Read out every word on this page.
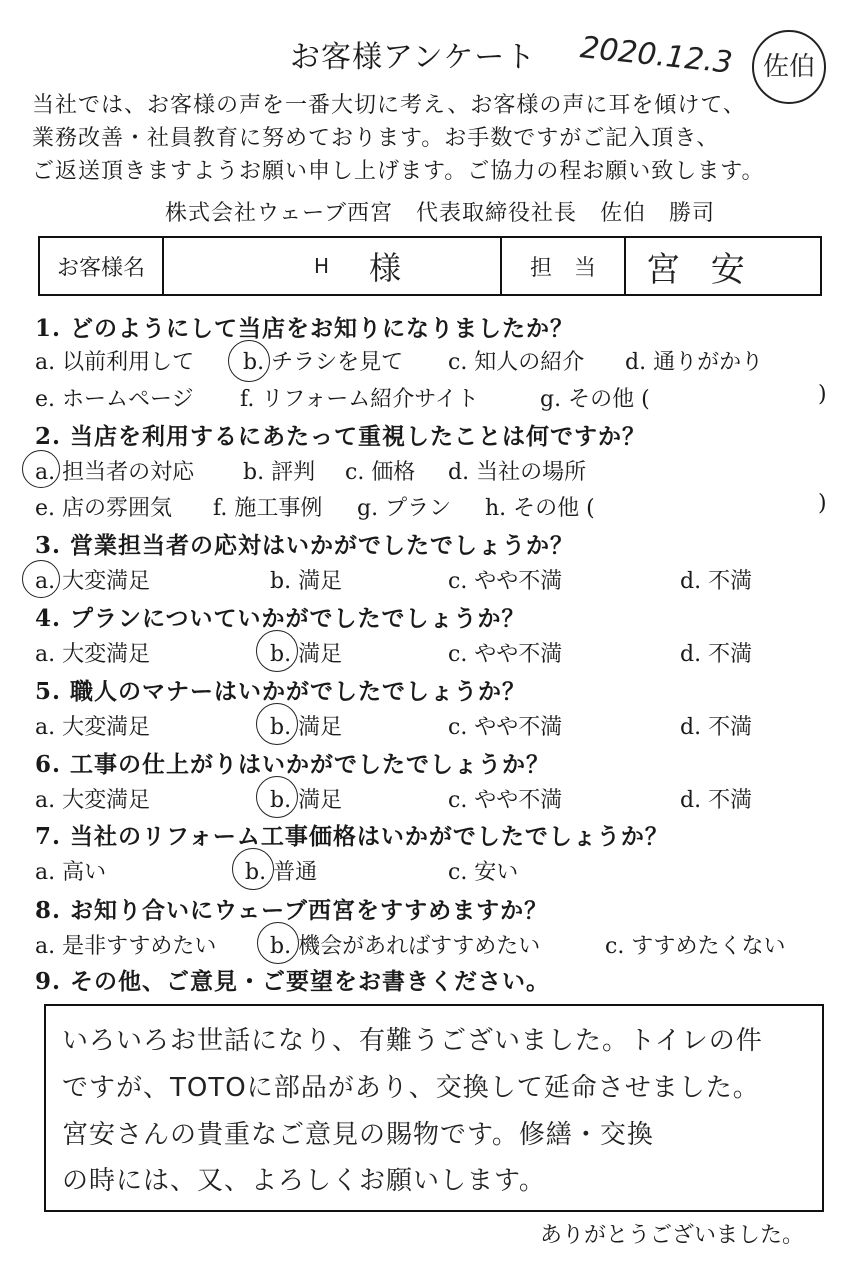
お客様アンケート 2020.12.3 佐伯
当社では、お客様の声を一番大切に考え、お客様の声に耳を傾けて、
業務改善・社員教育に努めております。お手数ですがご記入頂き、
ご返送頂きますようお願い申し上げます。ご協力の程お願い致します。
株式会社ウェーブ西宮　代表取締役社長　佐伯　勝司
お客様名	H 様	担　当 宮 安
1. どのようにして当店をお知りになりましたか？
a. 以前利用して b. チラシを見て c. 知人の紹介 d. 通りがかり
e. ホームページ f. リフォーム紹介サイト	g. その他 (	)
2. 当店を利用するにあたって重視したことは何ですか？
a. 担当者の対応 b. 評判 c. 価格 d. 当社の場所
e. 店の雰囲気 f. 施工事例 g. プラン h. その他 (	)
3. 営業担当者の応対はいかがでしたでしょうか？
a. 大変満足	b. 満足	c. やや不満	d. 不満
4. プランについていかがでしたでしょうか？
a. 大変満足	b. 満足	c. やや不満	d. 不満
5. 職人のマナーはいかがでしたでしょうか？
a. 大変満足	b. 満足	c. やや不満	d. 不満
6. 工事の仕上がりはいかがでしたでしょうか？
a. 大変満足	b. 満足	c. やや不満	d. 不満
7. 当社のリフォーム工事価格はいかがでしたでしょうか？
a. 高い	b. 普通	c. 安い
8. お知り合いにウェーブ西宮をすすめますか？
a. 是非すすめたい b. 機会があればすすめたい	c. すすめたくない
9. その他、ご意見・ご要望をお書きください。
いろいろお世話になり、有難うございました。トイレの件
ですが、TOTOに部品があり、交換して延命させました。
宮安さんの貴重なご意見の賜物です。修繕・交換
の時には、又、よろしくお願いします。
ありがとうございました。
